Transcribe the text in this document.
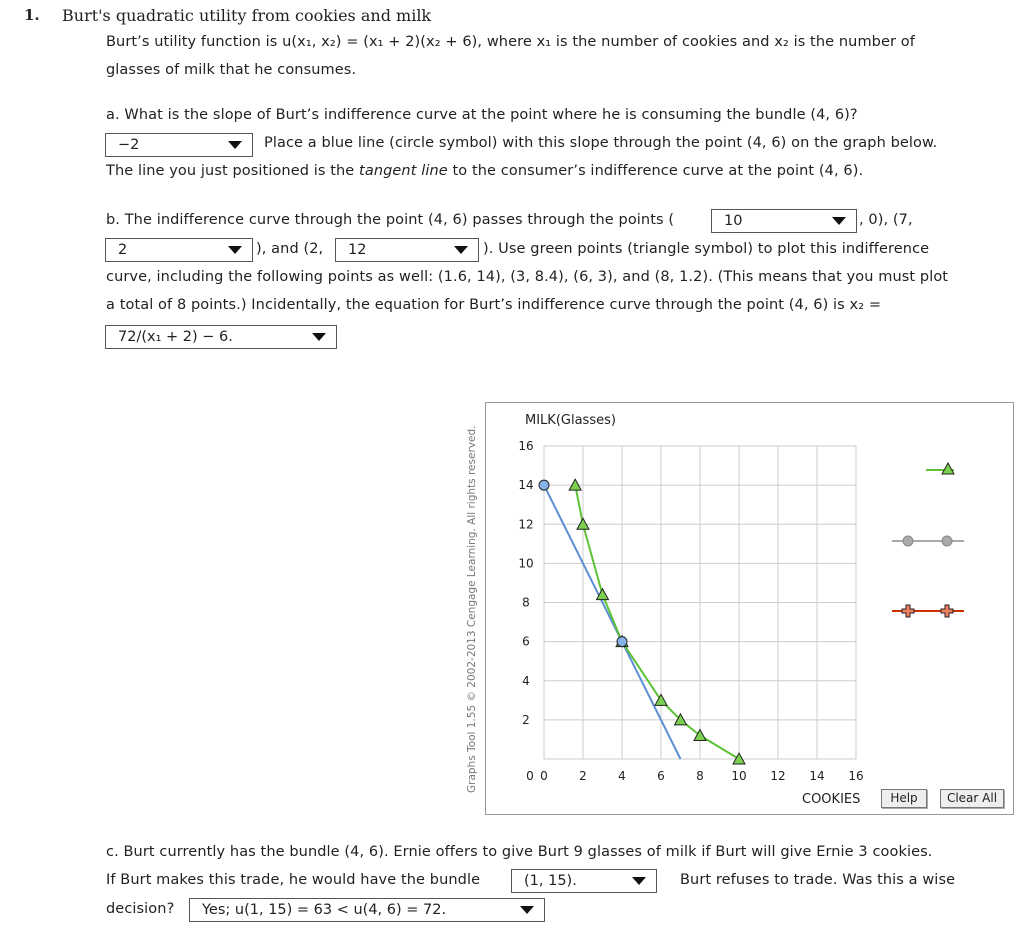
1. Burt's quadratic utility from cookies and milk
Burt’s utility function is u(x₁, x₂) = (x₁ + 2)(x₂ + 6), where x₁ is the number of cookies and x₂ is the number of
glasses of milk that he consumes.
a. What is the slope of Burt’s indifference curve at the point where he is consuming the bundle (4, 6)?
−2	Place a blue line (circle symbol) with this slope through the point (4, 6) on the graph below.
The line you just positioned is the tangent line to the consumer’s indifference curve at the point (4, 6).
b. The indifference curve through the point (4, 6) passes through the points (	10	, 0), (7,
2	), and (2,	12	). Use green points (triangle symbol) to plot this indifference
curve, including the following points as well: (1.6, 14), (3, 8.4), (6, 3), and (8, 1.2). (This means that you must plot
a total of 8 points.) Incidentally, the equation for Burt’s indifference curve through the point (4, 6) is x₂ =
72/(x₁ + 2) − 6.
Graphs Tool 1.55 © 2002-2013 Cengage Learning. All rights reserved.	0	2	4	6	8 10 12 14 16
0
2
4
6
8
10
12
14
16
MILK(Glasses)
COOKIES	Help	Clear All
c. Burt currently has the bundle (4, 6). Ernie offers to give Burt 9 glasses of milk if Burt will give Ernie 3 cookies.
If Burt makes this trade, he would have the bundle	(1, 15).	Burt refuses to trade. Was this a wise
decision?	Yes; u(1, 15) = 63 < u(4, 6) = 72.
